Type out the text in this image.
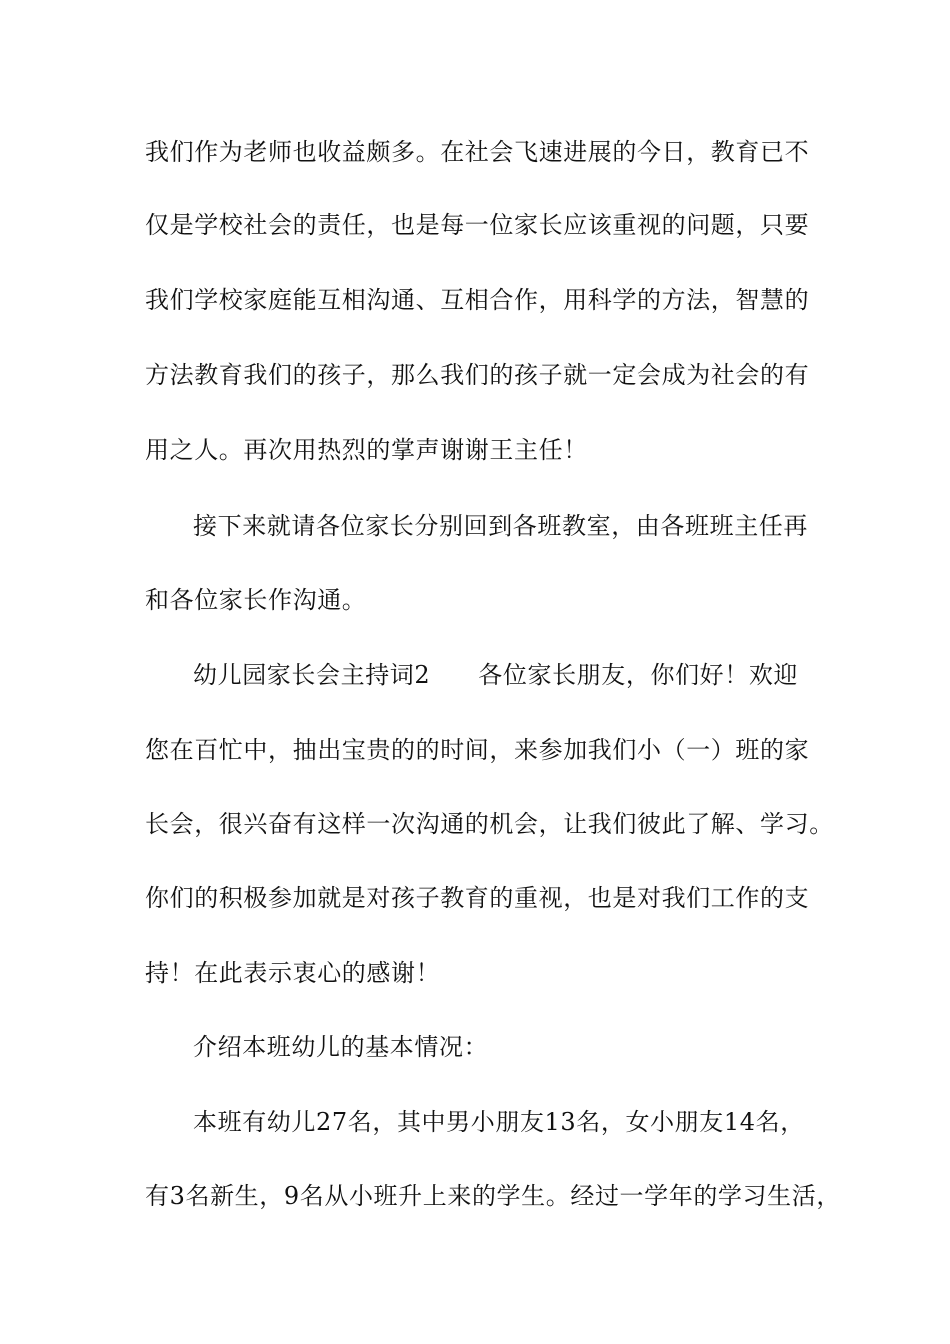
我们作为老师也收益颇多。在社会飞速进展的今日，教育已不
仅是学校社会的责任，也是每一位家长应该重视的问题，只要
我们学校家庭能互相沟通、互相合作，用科学的方法，智慧的
方法教育我们的孩子，那么我们的孩子就一定会成为社会的有
用之人。再次用热烈的掌声谢谢王主任！
接下来就请各位家长分别回到各班教室，由各班班主任再
和各位家长作沟通。
幼儿园家长会主持词2 各位家长朋友，你们好！欢迎
您在百忙中，抽出宝贵的的时间，来参加我们小（一）班的家
长会，很兴奋有这样一次沟通的机会，让我们彼此了解、学习。
你们的积极参加就是对孩子教育的重视，也是对我们工作的支
持！在此表示衷心的感谢！
介绍本班幼儿的基本情况：
本班有幼儿27名，其中男小朋友13名，女小朋友14名，
有3名新生，9名从小班升上来的学生。经过一学年的学习生活，
